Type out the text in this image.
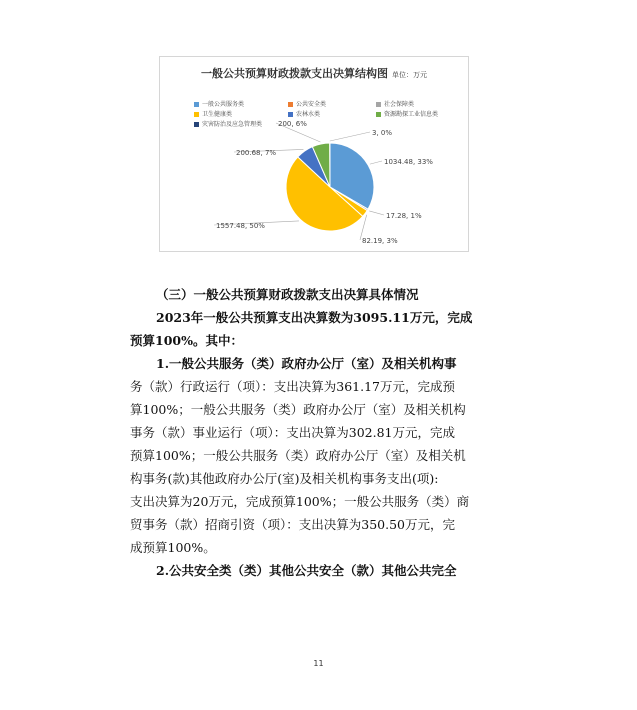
一般公共预算财政拨款支出决算结构图 单位：万元
一般公共服务类	公共安全类	社会保障类
卫生健康类	农林水类	资源勘探工业信息类
灾害防治及应急管理类
1034.48, 33%
17.28, 1%
82.19, 3%
1557.48, 50%
200.68, 7%
200, 6%
3, 0%
（三）一般公共预算财政拨款支出决算具体情况
2023年一般公共预算支出决算数为3095.11万元，完成
预算100%。其中：
1.一般公共服务（类）政府办公厅（室）及相关机构事
务（款）行政运行（项）：支出决算为361.17万元，完成预
算100%；一般公共服务（类）政府办公厅（室）及相关机构
事务（款）事业运行（项）：支出决算为302.81万元，完成
预算100%；一般公共服务（类）政府办公厅（室）及相关机
构事务(款)其他政府办公厅(室)及相关机构事务支出(项):
支出决算为20万元，完成预算100%；一般公共服务（类）商
贸事务（款）招商引资（项）：支出决算为350.50万元，完
成预算100%。
2.公共安全类（类）其他公共安全（款）其他公共完全
11
